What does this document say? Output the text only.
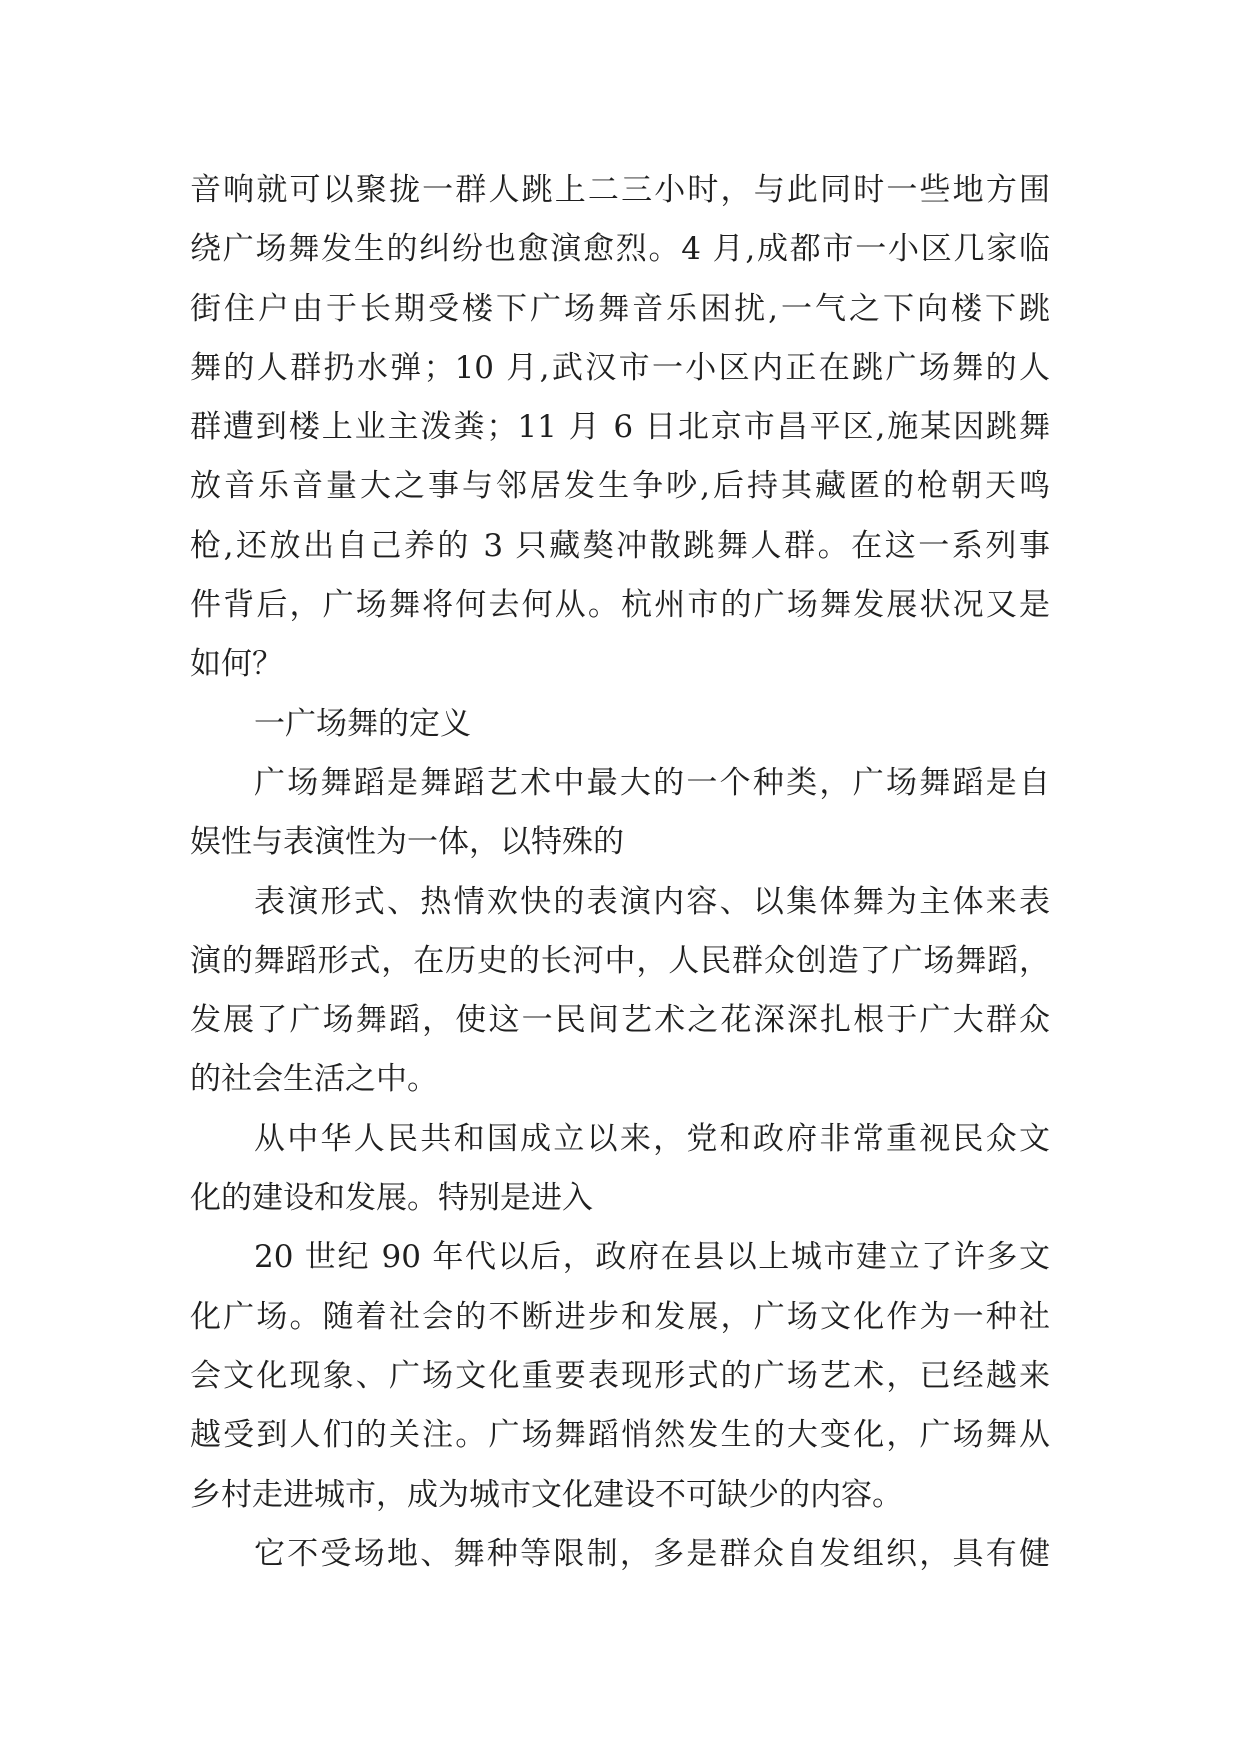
音响就可以聚拢一群人跳上二三小时，与此同时一些地方围
绕广场舞发生的纠纷也愈演愈烈。4 月,成都市一小区几家临
街住户由于长期受楼下广场舞音乐困扰,一气之下向楼下跳
舞的人群扔水弹；10 月,武汉市一小区内正在跳广场舞的人
群遭到楼上业主泼粪；11 月 6 日北京市昌平区,施某因跳舞
放音乐音量大之事与邻居发生争吵,后持其藏匿的枪朝天鸣
枪,还放出自己养的 3 只藏獒冲散跳舞人群。在这一系列事
件背后，广场舞将何去何从。杭州市的广场舞发展状况又是
如何？
一广场舞的定义
广场舞蹈是舞蹈艺术中最大的一个种类，广场舞蹈是自
娱性与表演性为一体，以特殊的
表演形式、热情欢快的表演内容、以集体舞为主体来表
演的舞蹈形式，在历史的长河中，人民群众创造了广场舞蹈，
发展了广场舞蹈，使这一民间艺术之花深深扎根于广大群众
的社会生活之中。
从中华人民共和国成立以来，党和政府非常重视民众文
化的建设和发展。特别是进入
20 世纪 90 年代以后，政府在县以上城市建立了许多文
化广场。随着社会的不断进步和发展，广场文化作为一种社
会文化现象、广场文化重要表现形式的广场艺术，已经越来
越受到人们的关注。广场舞蹈悄然发生的大变化，广场舞从
乡村走进城市，成为城市文化建设不可缺少的内容。
它不受场地、舞种等限制，多是群众自发组织，具有健
